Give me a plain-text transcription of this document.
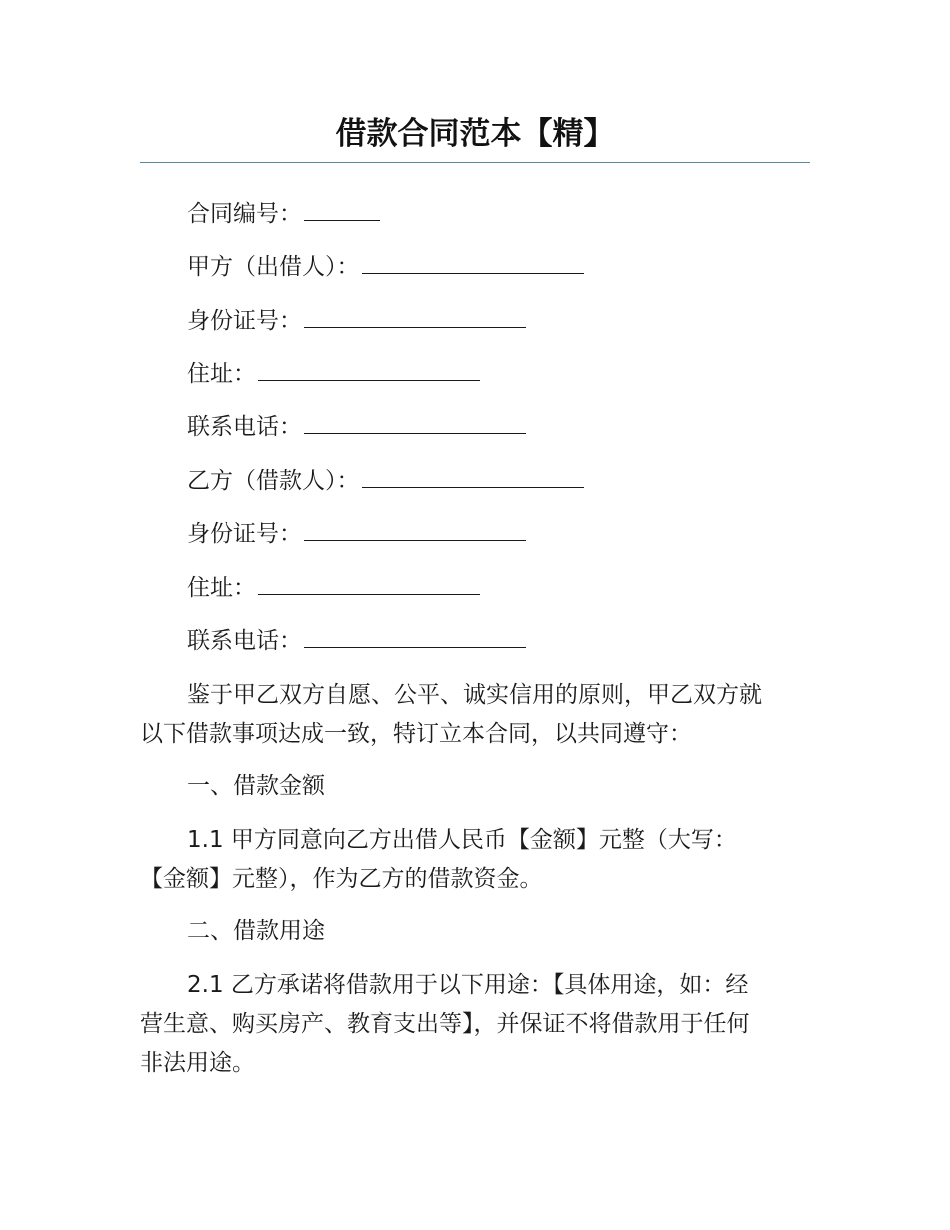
借款合同范本【精】
合同编号：
甲方（出借人）：
身份证号：
住址：
联系电话：
乙方（借款人）：
身份证号：
住址：
联系电话：
鉴于甲乙双方自愿、公平、诚实信用的原则，甲乙双方就
以下借款事项达成一致，特订立本合同，以共同遵守：
一、借款金额
1.1 甲方同意向乙方出借人民币【金额】元整（大写：
【金额】元整），作为乙方的借款资金。
二、借款用途
2.1 乙方承诺将借款用于以下用途：【具体用途，如：经
营生意、购买房产、教育支出等】，并保证不将借款用于任何
非法用途。
